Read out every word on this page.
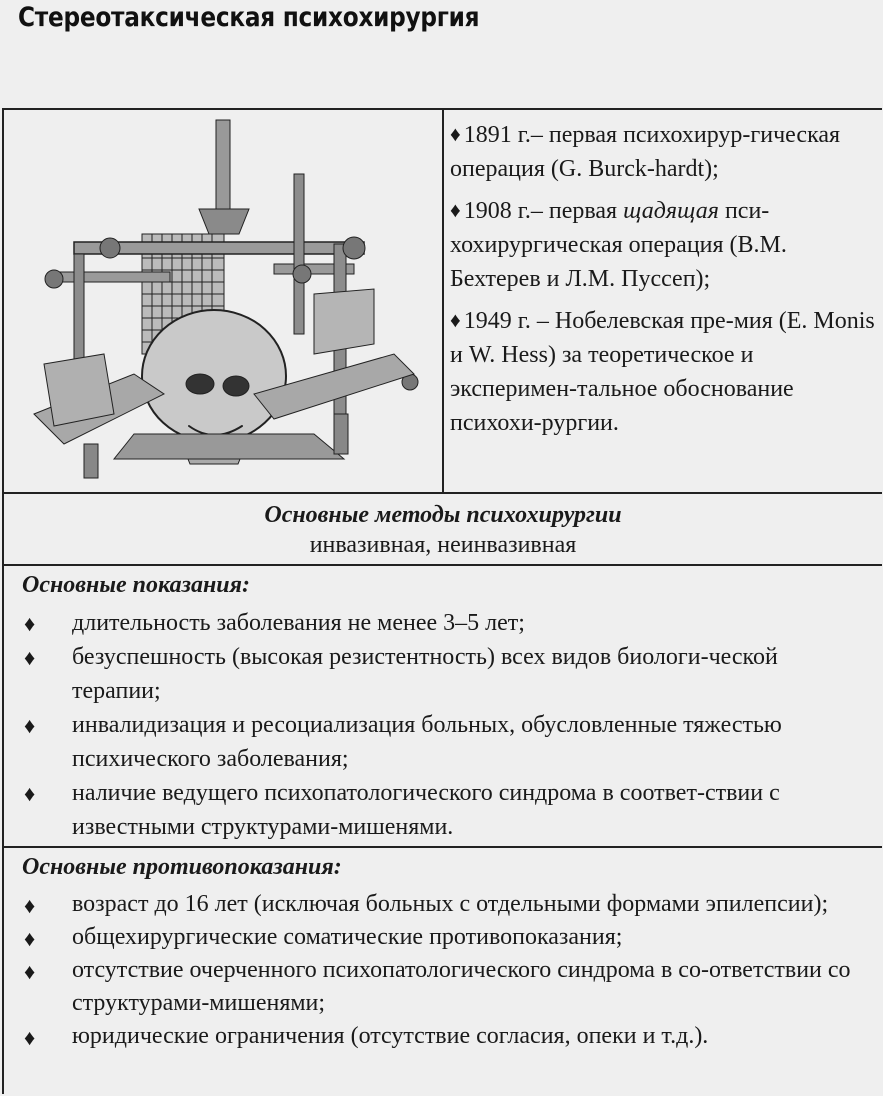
Стереотаксическая психохирургия

♦ 1891 г.– первая психохирур-гическая операция (G. Burck-hardt);

♦ 1908 г.– первая щадящая пси-хохирургическая операция (В.М. Бехтерев и Л.М. Пуссеп);

♦ 1949 г. – Нобелевская пре-мия (E. Monis и W. Hess) за теоретическое и эксперимен-тальное обоснование психохи-рургии.

Основные методы психохирургии
инвазивная, неинвазивная
Основные показания:
♦ длительность заболевания не менее 3–5 лет;
♦ безуспешность (высокая резистентность) всех видов биологи-ческой терапии;
♦ инвалидизация и ресоциализация больных, обусловленные тяжестью психического заболевания;
♦ наличие ведущего психопатологического синдрома в соответ-ствии с известными структурами-мишенями.
Основные противопоказания:
♦ возраст до 16 лет (исключая больных с отдельными формами эпилепсии);
♦ общехирургические соматические противопоказания;
♦ отсутствие очерченного психопатологического синдрома в со-ответствии со структурами-мишенями;
♦ юридические ограничения (отсутствие согласия, опеки и т.д.).
